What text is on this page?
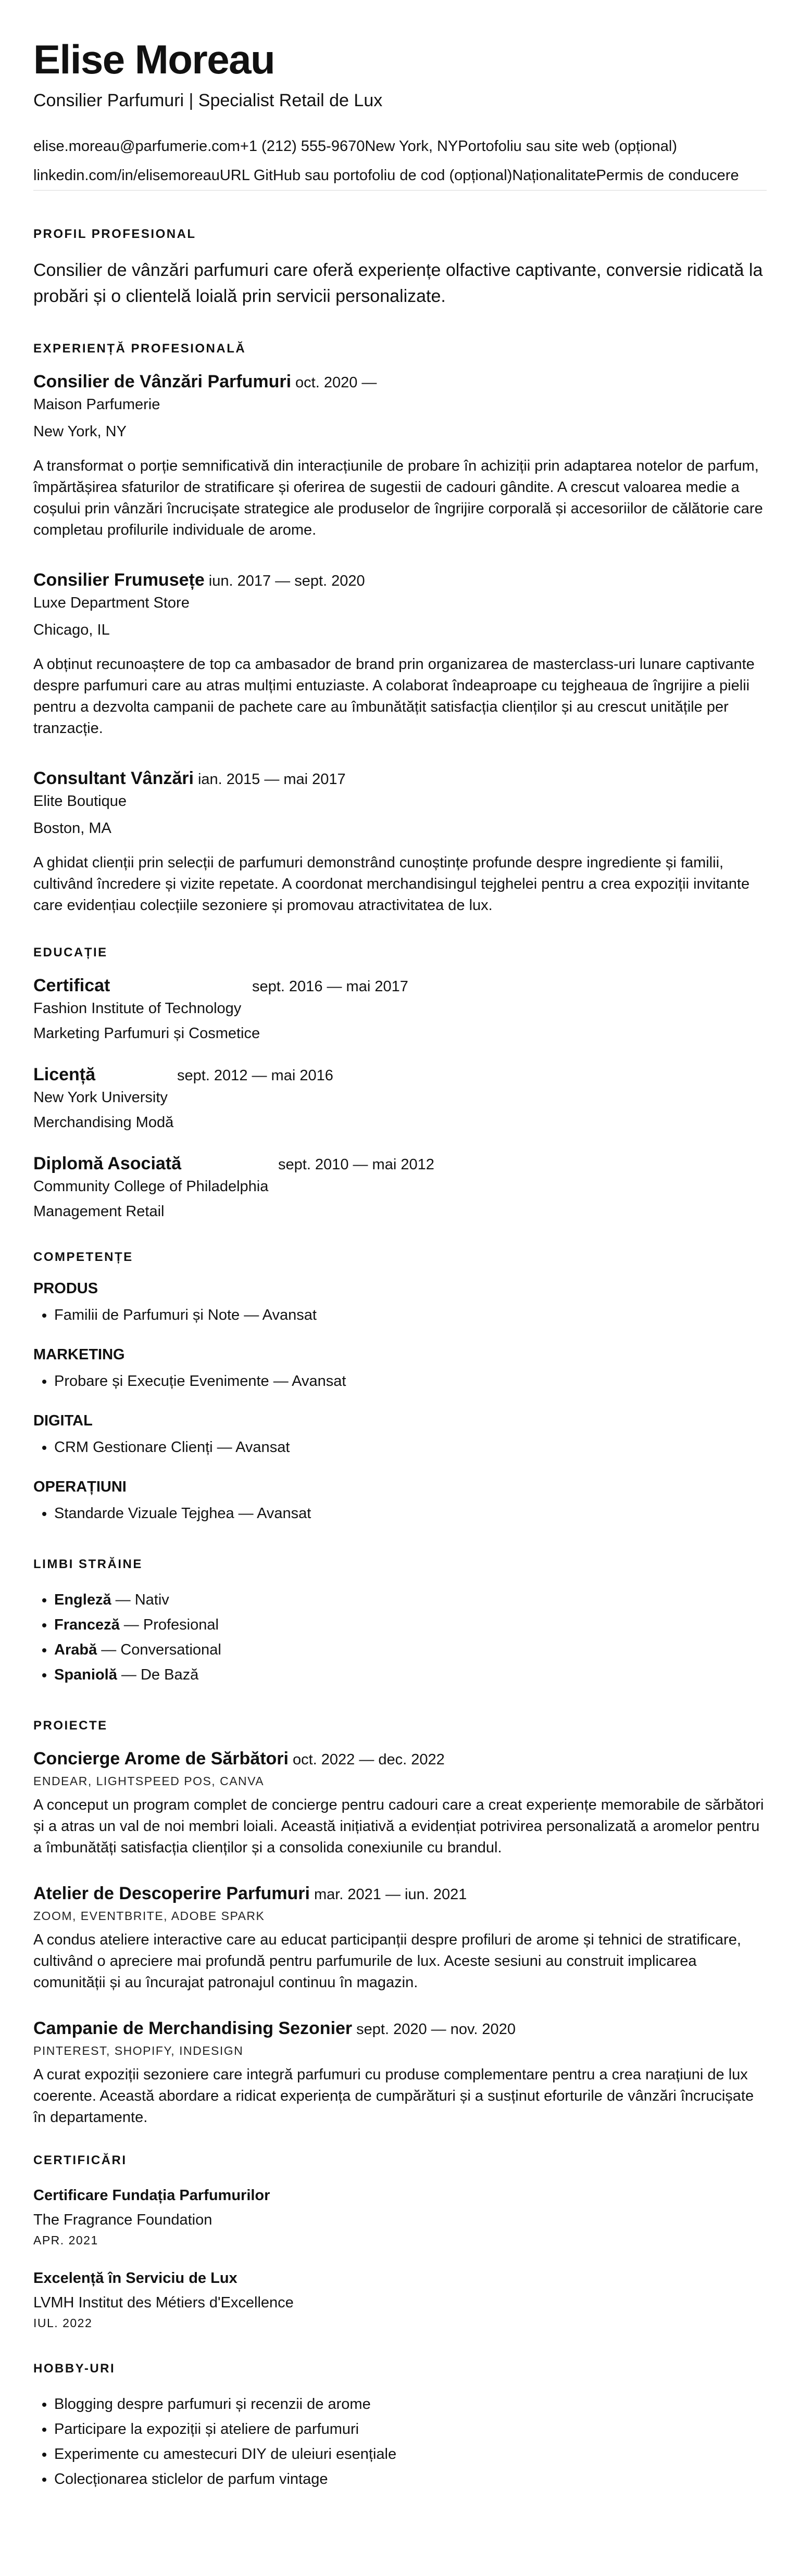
Elise Moreau
Consilier Parfumuri | Specialist Retail de Lux
elise.moreau@parfumerie.com+1 (212) 555-9670New York, NYPortofoliu sau site web (opțional)
linkedin.com/in/elisemoreauURL GitHub sau portofoliu de cod (opțional)NaționalitatePermis de conducere
PROFIL PROFESIONAL

Consilier de vânzări parfumuri care oferă experiențe olfactive captivante, conversie ridicată la probări și o clientelă loială prin servicii personalizate.

EXPERIENȚĂ PROFESIONALĂ
Consilier de Vânzări Parfumuri oct. 2020 —
Maison Parfumerie
New York, NY
A transformat o porție semnificativă din interacțiunile de probare în achiziții prin adaptarea notelor de parfum, împărtășirea sfaturilor de stratificare și oferirea de sugestii de cadouri gândite. A crescut valoarea medie a coșului prin vânzări încrucișate strategice ale produselor de îngrijire corporală și accesoriilor de călătorie care completau profilurile individuale de arome.
Consilier Frumusețe iun. 2017 — sept. 2020
Luxe Department Store
Chicago, IL
A obținut recunoaștere de top ca ambasador de brand prin organizarea de masterclass-uri lunare captivante despre parfumuri care au atras mulțimi entuziaste. A colaborat îndeaproape cu tejgheaua de îngrijire a pielii pentru a dezvolta campanii de pachete care au îmbunătățit satisfacția clienților și au crescut unitățile per tranzacție.
Consultant Vânzări ian. 2015 — mai 2017
Elite Boutique
Boston, MA
A ghidat clienții prin selecții de parfumuri demonstrând cunoștințe profunde despre ingrediente și familii, cultivând încredere și vizite repetate. A coordonat merchandisingul tejghelei pentru a crea expoziții invitante care evidențiau colecțiile sezoniere și promovau atractivitatea de lux.
EDUCAȚIE
Certificat	sept. 2016 — mai 2017
Fashion Institute of Technology
Marketing Parfumuri și Cosmetice
Licență	sept. 2012 — mai 2016
New York University
Merchandising Modă
Diplomă Asociată	sept. 2010 — mai 2012
Community College of Philadelphia
Management Retail
COMPETENȚE
PRODUS
• Familii de Parfumuri și Note — Avansat
MARKETING
• Probare și Execuție Evenimente — Avansat
DIGITAL
• CRM Gestionare Clienți — Avansat
OPERAȚIUNI
• Standarde Vizuale Tejghea — Avansat
LIMBI STRĂINE
• Engleză — Nativ
• Franceză — Profesional
• Arabă — Conversational
• Spaniolă — De Bază
PROIECTE
Concierge Arome de Sărbători oct. 2022 — dec. 2022
ENDEAR, LIGHTSPEED POS, CANVA
A conceput un program complet de concierge pentru cadouri care a creat experiențe memorabile de sărbători și a atras un val de noi membri loiali. Această inițiativă a evidențiat potrivirea personalizată a aromelor pentru a îmbunătăți satisfacția clienților și a consolida conexiunile cu brandul.
Atelier de Descoperire Parfumuri mar. 2021 — iun. 2021
ZOOM, EVENTBRITE, ADOBE SPARK
A condus ateliere interactive care au educat participanții despre profiluri de arome și tehnici de stratificare, cultivând o apreciere mai profundă pentru parfumurile de lux. Aceste sesiuni au construit implicarea comunității și au încurajat patronajul continuu în magazin.
Campanie de Merchandising Sezonier sept. 2020 — nov. 2020
PINTEREST, SHOPIFY, INDESIGN
A curat expoziții sezoniere care integră parfumuri cu produse complementare pentru a crea narațiuni de lux coerente. Această abordare a ridicat experiența de cumpărături și a susținut eforturile de vânzări încrucișate în departamente.
CERTIFICĂRI
Certificare Fundația Parfumurilor
The Fragrance Foundation
APR. 2021
Excelență în Serviciu de Lux
LVMH Institut des Métiers d'Excellence
IUL. 2022
HOBBY-URI
• Blogging despre parfumuri și recenzii de arome
• Participare la expoziții și ateliere de parfumuri
• Experimente cu amestecuri DIY de uleiuri esențiale
• Colecționarea sticlelor de parfum vintage
